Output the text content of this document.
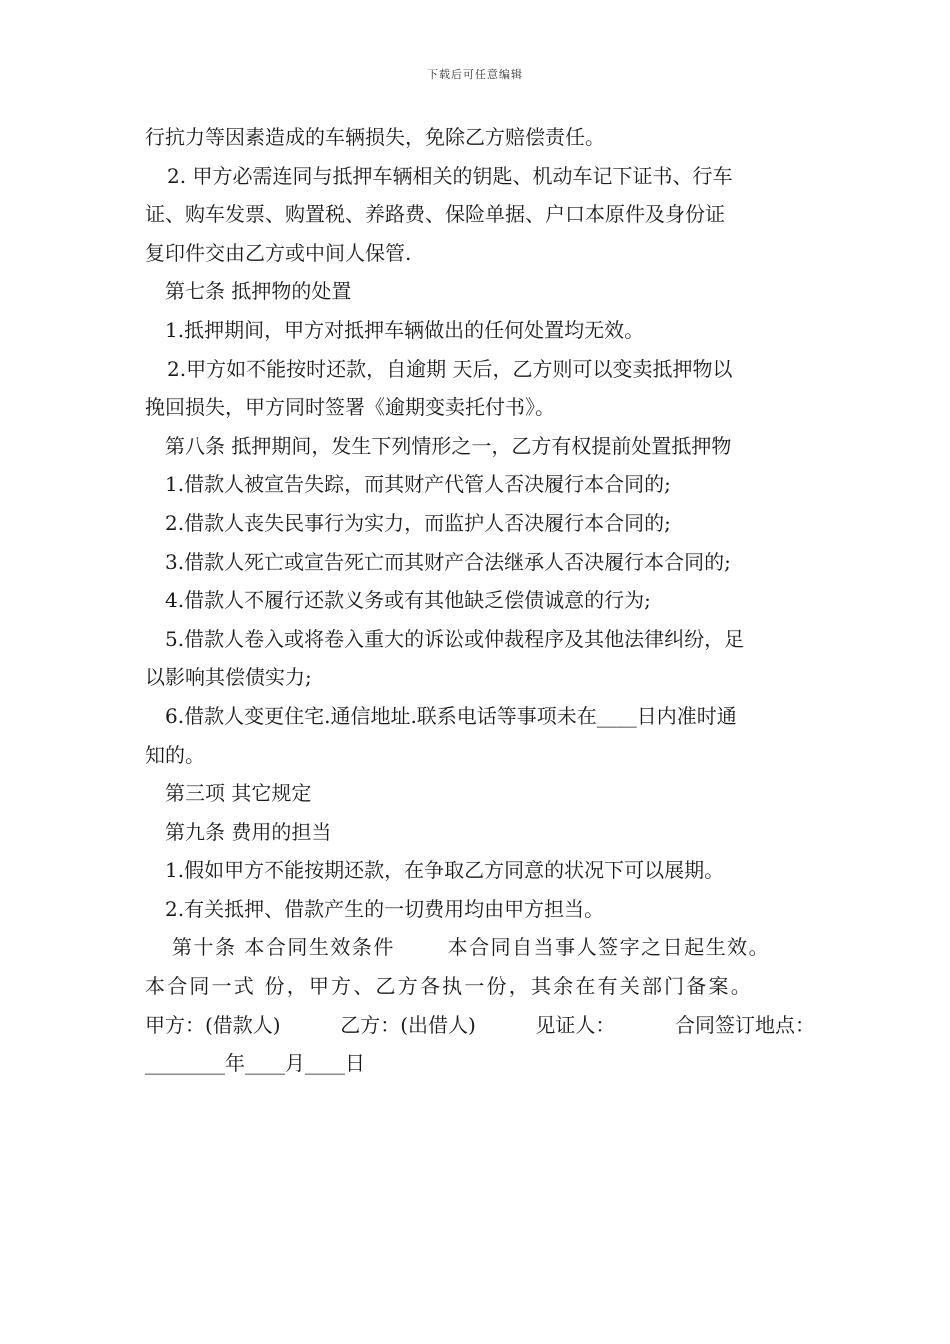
下载后可任意编辑
行抗力等因素造成的车辆损失，免除乙方赔偿责任。
2. 甲方必需连同与抵押车辆相关的钥匙、机动车记下证书、行车
证、购车发票、购置税、养路费、保险单据、户口本原件及身份证
复印件交由乙方或中间人保管.
第七条 抵押物的处置
1.抵押期间，甲方对抵押车辆做出的任何处置均无效。
2.甲方如不能按时还款，自逾期 天后，乙方则可以变卖抵押物以
挽回损失，甲方同时签署《逾期变卖托付书》。
第八条 抵押期间，发生下列情形之一，乙方有权提前处置抵押物
1.借款人被宣告失踪，而其财产代管人否决履行本合同的;
2.借款人丧失民事行为实力，而监护人否决履行本合同的;
3.借款人死亡或宣告死亡而其财产合法继承人否决履行本合同的;
4.借款人不履行还款义务或有其他缺乏偿债诚意的行为;
5.借款人卷入或将卷入重大的诉讼或仲裁程序及其他法律纠纷，足
以影响其偿债实力;
6.借款人变更住宅.通信地址.联系电话等事项未在____日内准时通
知的。
第三项 其它规定
第九条 费用的担当
1.假如甲方不能按期还款，在争取乙方同意的状况下可以展期。
2.有关抵押、借款产生的一切费用均由甲方担当。
第十条 本合同生效条件	本合同自当事人签字之日起生效。
本合同一式 份，甲方、乙方各执一份，其余在有关部门备案。
甲方：(借款人)	乙方：(出借人)	见证人：	合同签订地点：
________年____月____日
